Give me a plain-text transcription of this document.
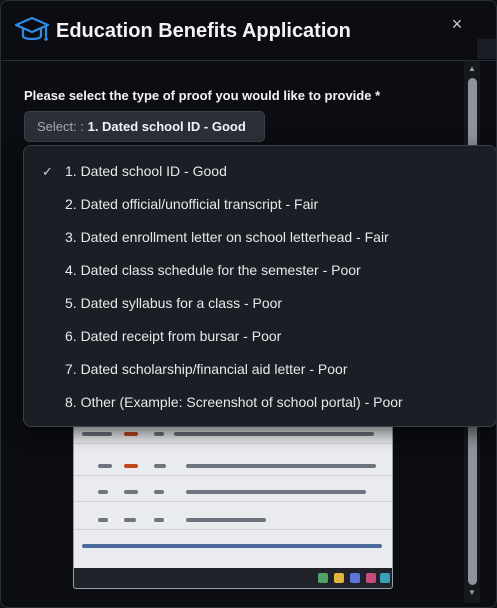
Education Benefits Application	×
Please select the type of proof you would like to provide *
Select: : 1. Dated school ID - Good
▲
▼
✓ 1. Dated school ID - Good
2. Dated official/unofficial transcript - Fair
3. Dated enrollment letter on school letterhead - Fair
4. Dated class schedule for the semester - Poor
5. Dated syllabus for a class - Poor
6. Dated receipt from bursar - Poor
7. Dated scholarship/financial aid letter - Poor
8. Other (Example: Screenshot of school portal) - Poor
